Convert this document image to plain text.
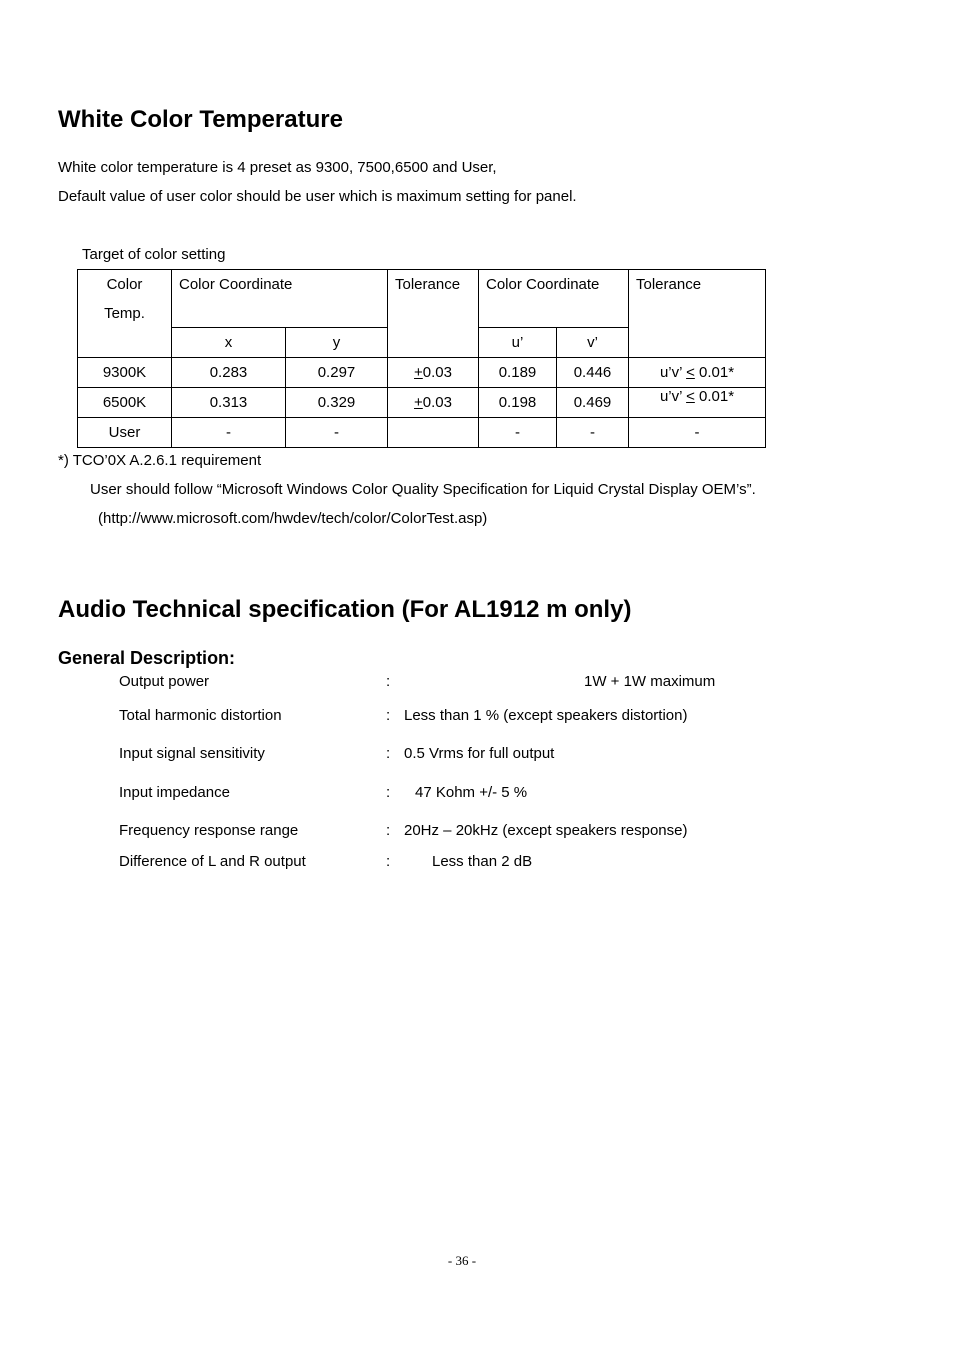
White Color Temperature
White color temperature is 4 preset as 9300, 7500,6500 and User,
Default value of user color should be user which is maximum setting for panel.
Target of color setting
Color
Temp.	Color Coordinate		Tolerance	Color Coordinate		Tolerance
	x	y		u’	v’	
9300K	0.283	0.297	+0.03	0.189	0.446	u’v’ ≤ 0.01*
6500K	0.313	0.329	+0.03	0.198	0.469	u’v’ ≤ 0.01*
User	-	-		-	-	-
*) TCO’0X A.2.6.1 requirement
User should follow “Microsoft Windows Color Quality Specification for Liquid Crystal Display OEM’s”.
(http://www.microsoft.com/hwdev/tech/color/ColorTest.asp)
Audio Technical specification (For AL1912 m only)
General Description:
Output power	:	1W + 1W maximum
Total harmonic distortion	: Less than 1 % (except speakers distortion)
Input signal sensitivity	: 0.5 Vrms for full output
Input impedance	: 47 Kohm +/- 5 %
Frequency response range	: 20Hz – 20kHz (except speakers response)
Difference of L and R output	:	Less than 2 dB
- 36 -
